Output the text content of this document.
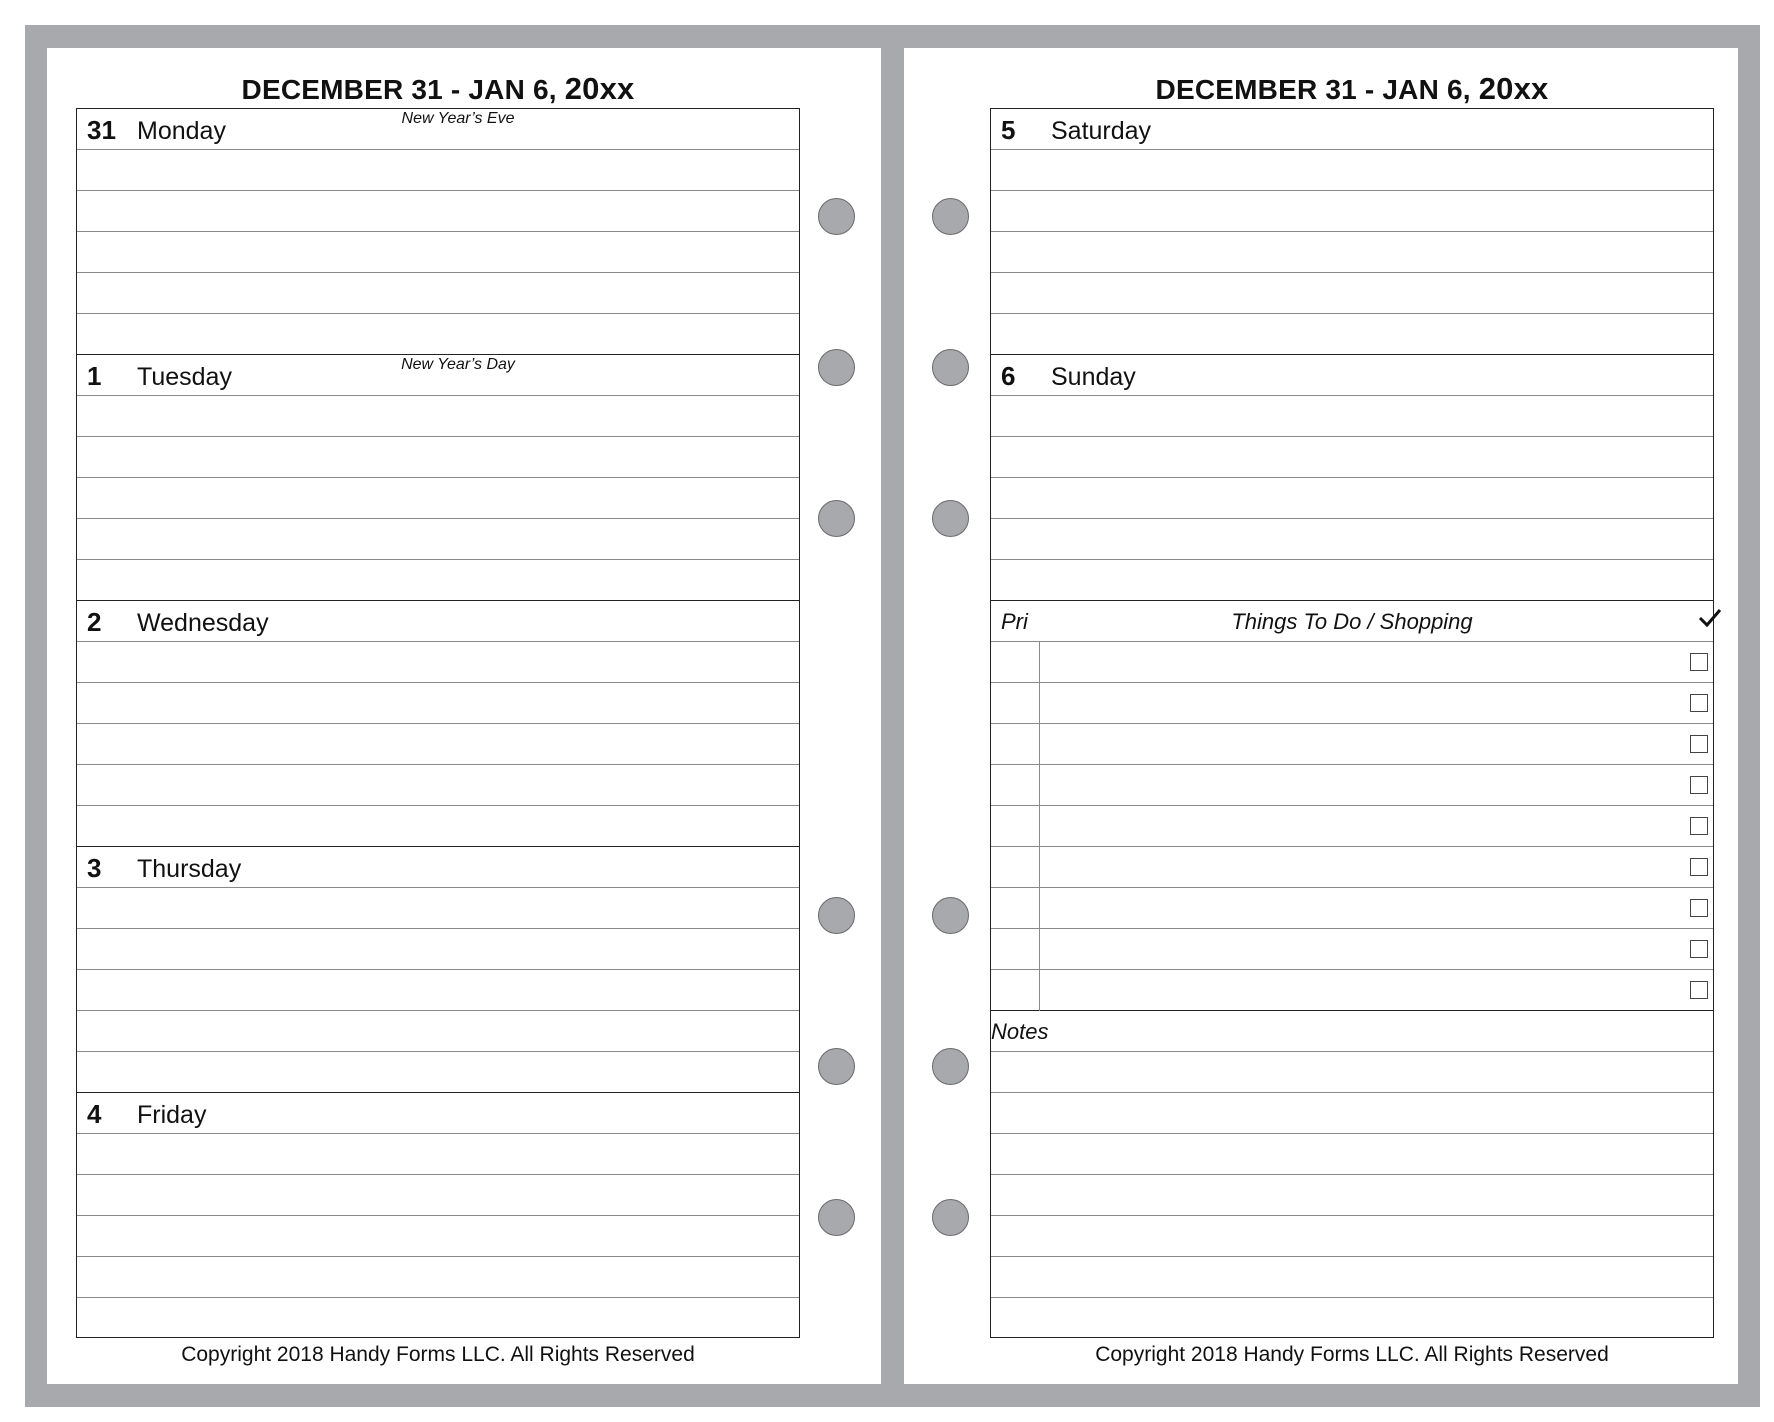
DECEMBER 31 - JAN 6, 20xx
31 Monday	New Year’s Eve
1	Tuesday	New Year’s Day
2	Wednesday
3	Thursday
4	Friday
Copyright 2018 Handy Forms LLC. All Rights Reserved
DECEMBER 31 - JAN 6, 20xx
5	Saturday
6	Sunday
Pri	Things To Do / Shopping
Notes
Copyright 2018 Handy Forms LLC. All Rights Reserved
